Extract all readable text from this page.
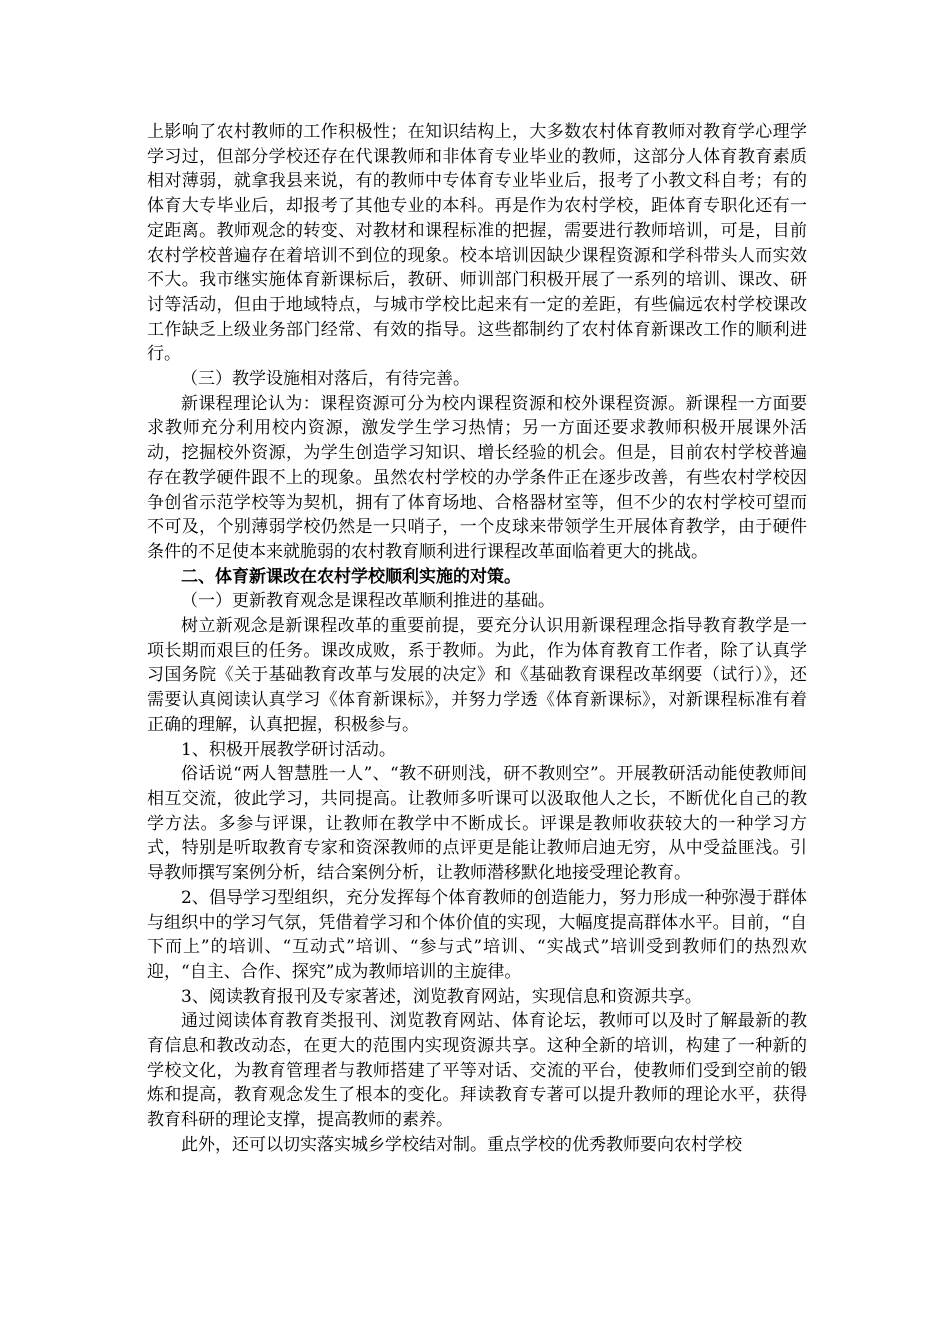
上影响了农村教师的工作积极性；在知识结构上，大多数农村体育教师对教育学心理学学习过，但部分学校还存在代课教师和非体育专业毕业的教师，这部分人体育教育素质相对薄弱，就拿我县来说，有的教师中专体育专业毕业后，报考了小教文科自考；有的体育大专毕业后，却报考了其他专业的本科。再是作为农村学校，距体育专职化还有一定距离。教师观念的转变、对教材和课程标准的把握，需要进行教师培训，可是，目前农村学校普遍存在着培训不到位的现象。校本培训因缺少课程资源和学科带头人而实效不大。我市继实施体育新课标后，教研、师训部门积极开展了一系列的培训、课改、研讨等活动，但由于地域特点，与城市学校比起来有一定的差距，有些偏远农村学校课改工作缺乏上级业务部门经常、有效的指导。这些都制约了农村体育新课改工作的顺利进行。

（三）教学设施相对落后，有待完善。

新课程理论认为：课程资源可分为校内课程资源和校外课程资源。新课程一方面要求教师充分利用校内资源，激发学生学习热情；另一方面还要求教师积极开展课外活动，挖掘校外资源，为学生创造学习知识、增长经验的机会。但是，目前农村学校普遍存在教学硬件跟不上的现象。虽然农村学校的办学条件正在逐步改善，有些农村学校因争创省示范学校等为契机，拥有了体育场地、合格器材室等，但不少的农村学校可望而不可及，个别薄弱学校仍然是一只哨子，一个皮球来带领学生开展体育教学，由于硬件条件的不足使本来就脆弱的农村教育顺利进行课程改革面临着更大的挑战。

二、体育新课改在农村学校顺利实施的对策。

（一）更新教育观念是课程改革顺利推进的基础。

树立新观念是新课程改革的重要前提，要充分认识用新课程理念指导教育教学是一项长期而艰巨的任务。课改成败，系于教师。为此，作为体育教育工作者，除了认真学习国务院《关于基础教育改革与发展的决定》和《基础教育课程改革纲要（试行）》，还需要认真阅读认真学习《体育新课标》，并努力学透《体育新课标》，对新课程标准有着正确的理解，认真把握，积极参与。

1、积极开展教学研讨活动。

俗话说“两人智慧胜一人”、“教不研则浅，研不教则空”。开展教研活动能使教师间相互交流，彼此学习，共同提高。让教师多听课可以汲取他人之长，不断优化自己的教学方法。多参与评课，让教师在教学中不断成长。评课是教师收获较大的一种学习方式，特别是听取教育专家和资深教师的点评更是能让教师启迪无穷，从中受益匪浅。引导教师撰写案例分析，结合案例分析，让教师潜移默化地接受理论教育。

2、倡导学习型组织，充分发挥每个体育教师的创造能力，努力形成一种弥漫于群体与组织中的学习气氛，凭借着学习和个体价值的实现，大幅度提高群体水平。目前，“自下而上”的培训、“互动式”培训、“参与式”培训、“实战式”培训受到教师们的热烈欢迎，“自主、合作、探究”成为教师培训的主旋律。

3、阅读教育报刊及专家著述，浏览教育网站，实现信息和资源共享。

通过阅读体育教育类报刊、浏览教育网站、体育论坛，教师可以及时了解最新的教育信息和教改动态，在更大的范围内实现资源共享。这种全新的培训，构建了一种新的学校文化，为教育管理者与教师搭建了平等对话、交流的平台，使教师们受到空前的锻炼和提高，教育观念发生了根本的变化。拜读教育专著可以提升教师的理论水平，获得教育科研的理论支撑，提高教师的素养。

此外，还可以切实落实城乡学校结对制。重点学校的优秀教师要向农村学校
